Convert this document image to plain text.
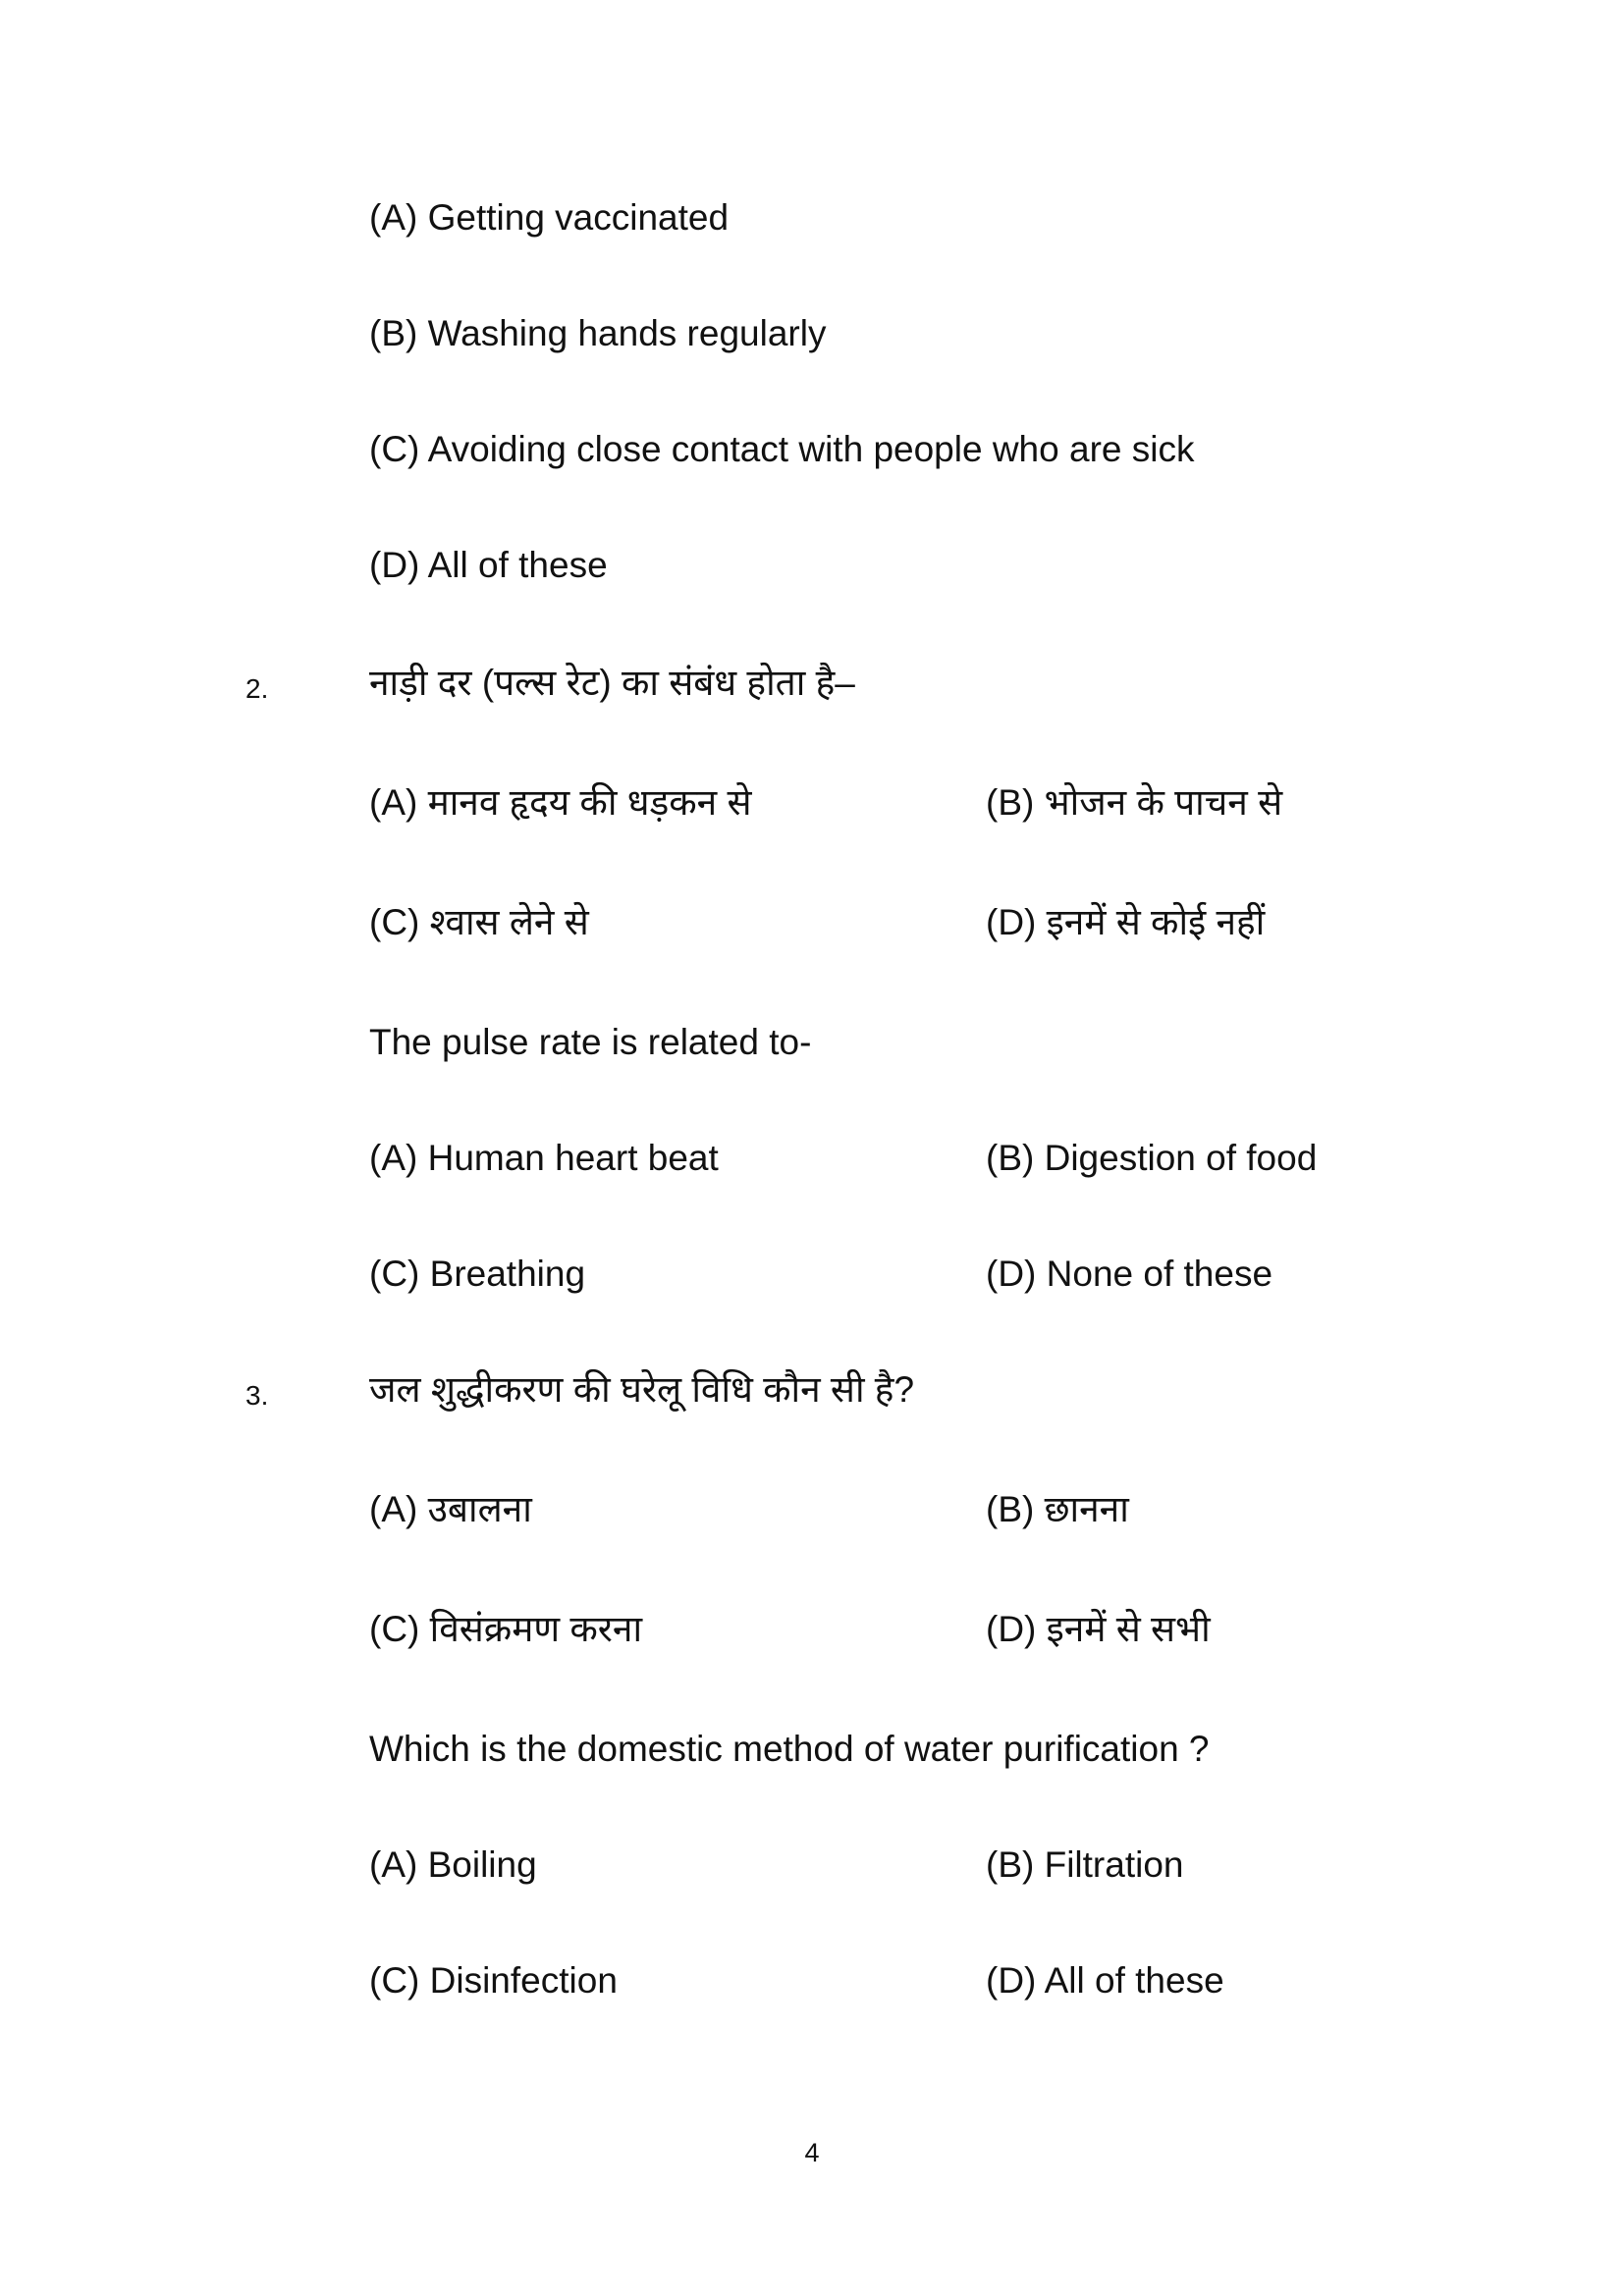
(A) Getting vaccinated
(B) Washing hands regularly
(C) Avoiding close contact with people who are sick
(D) All of these
2.	नाड़ी दर (पल्स रेट) का संबंध होता है–
(A) मानव हृदय की धड़कन से	(B) भोजन के पाचन से
(C) श्वास लेने से	(D) इनमें से कोई नहीं
The pulse rate is related to-
(A) Human heart beat	(B) Digestion of food
(C) Breathing	(D) None of these
3.	जल शुद्धीकरण की घरेलू विधि कौन सी है?
(A) उबालना	(B) छानना
(C) विसंक्रमण करना	(D) इनमें से सभी
Which is the domestic method of water purification ?
(A) Boiling	(B) Filtration
(C) Disinfection	(D) All of these
4
